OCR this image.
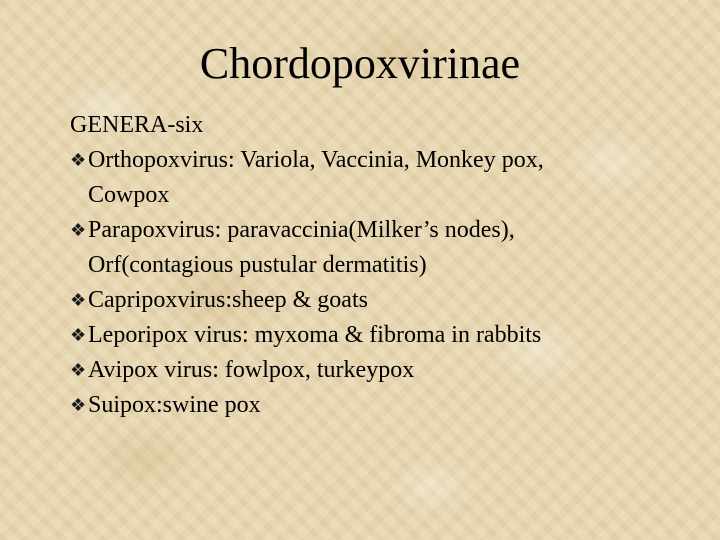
Chordopoxvirinae

GENERA-six

❖ Orthopoxvirus: Variola, Vaccinia, Monkey pox,

Cowpox

❖ Parapoxvirus: paravaccinia(Milker’s nodes),

Orf(contagious pustular dermatitis)

❖ Capripoxvirus:sheep & goats
❖ Leporipox virus: myxoma & fibroma in rabbits
❖ Avipox virus: fowlpox, turkeypox
❖ Suipox:swine pox
